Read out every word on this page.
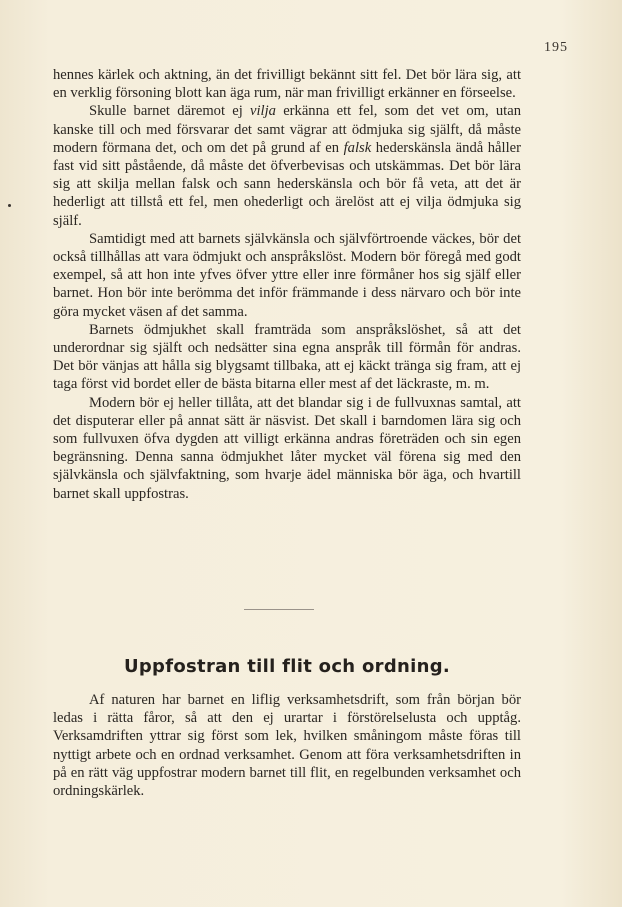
195

hennes kärlek och aktning, än det frivilligt bekännt sitt fel. Det bör lära sig, att en verklig försoning blott kan äga rum, när man frivilligt erkänner en förseelse.

Skulle barnet däremot ej vilja erkänna ett fel, som det vet om, utan kanske till och med försvarar det samt vägrar att ödmjuka sig själft, då måste modern förmana det, och om det på grund af en falsk hederskänsla ändå håller fast vid sitt påstående, då måste det öfverbevisas och utskämmas. Det bör lära sig att skilja mellan falsk och sann hederskänsla och bör få veta, att det är hederligt att tillstå ett fel, men ohederligt och ärelöst att ej vilja ödmjuka sig själf.

Samtidigt med att barnets självkänsla och självförtroende väckes, bör det också tillhållas att vara ödmjukt och anspråkslöst. Modern bör föregå med godt exempel, så att hon inte yfves öfver yttre eller inre förmåner hos sig själf eller barnet. Hon bör inte berömma det inför främmande i dess närvaro och bör inte göra mycket väsen af det samma.

Barnets ödmjukhet skall framträda som anspråkslöshet, så att det underordnar sig själft och nedsätter sina egna anspråk till förmån för andras. Det bör vänjas att hålla sig blygsamt tillbaka, att ej käckt tränga sig fram, att ej taga först vid bordet eller de bästa bitarna eller mest af det läckraste, m. m.

Modern bör ej heller tillåta, att det blandar sig i de fullvuxnas samtal, att det disputerar eller på annat sätt är näsvist. Det skall i barndomen lära sig och som fullvuxen öfva dygden att villigt erkänna andras företräden och sin egen begränsning. Denna sanna ödmjukhet låter mycket väl förena sig med den självkänsla och självfaktning, som hvarje ädel människa bör äga, och hvartill barnet skall uppfostras.

Uppfostran till flit och ordning.

Af naturen har barnet en liflig verksamhetsdrift, som från början bör ledas i rätta fåror, så att den ej urartar i förstörelselusta och upptåg. Verksamdriften yttrar sig först som lek, hvilken småningom måste föras till nyttigt arbete och en ordnad verksamhet. Genom att föra verksamhetsdriften in på en rätt väg uppfostrar modern barnet till flit, en regelbunden verksamhet och ordningskärlek.
